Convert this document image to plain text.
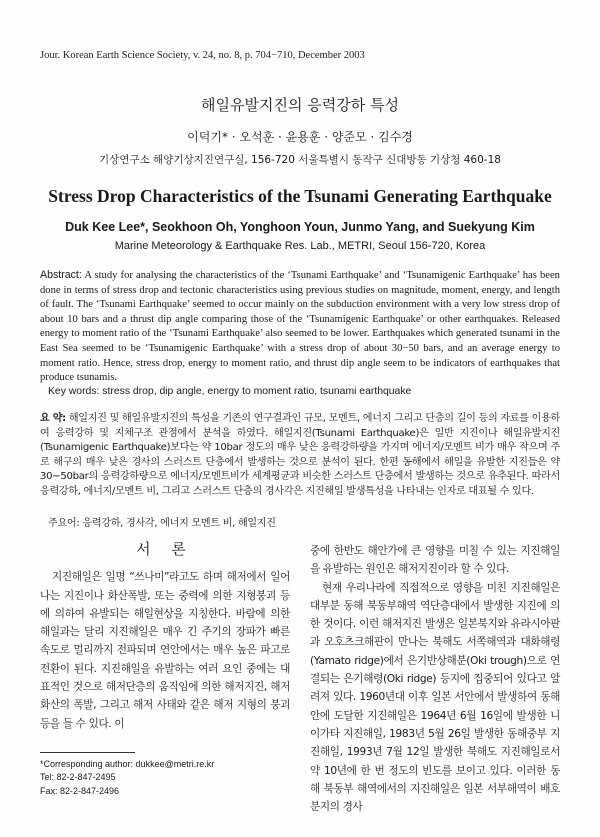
Jour. Korean Earth Science Society, v. 24, no. 8, p. 704−710, December 2003
해일유발지진의 응력강하 특성
이덕기* · 오석훈 · 윤용훈 · 양준모 · 김수경
기상연구소 해양기상지진연구실, 156-720 서울특별시 동작구 신대방동 기상청 460-18
Stress Drop Characteristics of the Tsunami Generating Earthquake
Duk Kee Lee*, Seokhoon Oh, Yonghoon Youn, Junmo Yang, and Suekyung Kim
Marine Meteorology & Earthquake Res. Lab., METRI, Seoul 156-720, Korea
Abstract: A study for analysing the characteristics of the ‘Tsunami Earthquake’ and ‘Tsunamigenic Earthquake’ has been done in terms of stress drop and tectonic characteristics using previous studies on magnitude, moment, energy, and length of fault. The ‘Tsunami Earthquake’ seemed to occur mainly on the subduction environment with a very low stress drop of about 10 bars and a thrust dip angle comparing those of the ‘Tsunamigenic Earthquake’ or other earthquakes. Released energy to moment ratio of the ‘Tsunami Earthquake’ also seemed to be lower. Earthquakes which generated tsunami in the East Sea seemed to be ‘Tsunamigenic Earthquake’ with a stress drop of about 30−50 bars, and an average energy to moment ratio. Hence, stress drop, energy to moment ratio, and thrust dip angle seem to be indicators of earthquakes that produce tsunamis.
Key words: stress drop, dip angle, energy to moment ratio, tsunami earthquake
요 약: 해일지진 및 해일유발지진의 특성을 기존의 연구결과인 규모, 모멘트, 에너지 그리고 단층의 길이 등의 자료를 이용하여 응력강하 및 지체구조 관점에서 분석을 하였다. 해일지진(Tsunami Earthquake)은 일반 지진이나 해일유발지진(Tsunamigenic Earthquake)보다는 약 10bar 정도의 매우 낮은 응력강하량을 가지며 에너지/모멘트 비가 매우 작으며 주로 해구의 매우 낮은 경사의 스러스트 단층에서 발생하는 것으로 분석이 된다. 한편 동해에서 해일을 유발한 지진들은 약 30−50bar의 응력강하량으로 에너지/모멘트비가 세계평균과 비슷한 스러스트 단층에서 발생하는 것으로 유추된다. 따라서 응력강하, 에너지/모멘트 비, 그리고 스러스트 단층의 경사각은 지진해일 발생특성을 나타내는 인자로 대표될 수 있다.
주요어: 응력강하, 경사각, 에너지 모멘트 비, 해일지진
서 론

지진해일은 일명 “쓰나미”라고도 하며 해저에서 일어나는 지진이나 화산폭발, 또는 중력에 의한 지형붕괴 등에 의하여 유발되는 해일현상을 지칭한다. 바람에 의한 해일과는 달리 지진해일은 매우 긴 주기의 장파가 빠른 속도로 멀리까지 전파되며 연안에서는 매우 높은 파고로 전환이 된다. 지진해일을 유발하는 여러 요인 중에는 대표적인 것으로 해저단층의 움직임에 의한 해저지진, 해저 화산의 폭발, 그리고 해저 사태와 같은 해저 지형의 붕괴 등을 들 수 있다. 이

중에 한반도 해안가에 큰 영향을 미칠 수 있는 지진해일을 유발하는 원인은 해저지진이라 할 수 있다.

현재 우리나라에 직접적으로 영향을 미친 지진해일은 대부분 동해 북동부해역 역단층대에서 발생한 지진에 의한 것이다. 이런 해저지진 발생은 일본북지와 유라시아판과 오호츠크해판이 만나는 북해도 서쪽해역과 대화해령(Yamato ridge)에서 은기반상해분(Oki trough)으로 연결되는 은기해령(Oki ridge) 등지에 집중되어 있다고 알려져 있다. 1960년대 이후 일본 서안에서 발생하여 동해안에 도달한 지진해일은 1964년 6월 16일에 발생한 니이가타 지진해일, 1983년 5월 26일 발생한 동해중부 지진해일, 1993년 7월 12일 발생한 북해도 지진해일로서 약 10년에 한 번 정도의 빈도를 보이고 있다. 이러한 동해 북동부 해역에서의 지진해일은 일본 서부해역이 배호분지의 경사

*Corresponding author: dukkee@metri.re.kr
Tel: 82-2-847-2495
Fax: 82-2-847-2496
